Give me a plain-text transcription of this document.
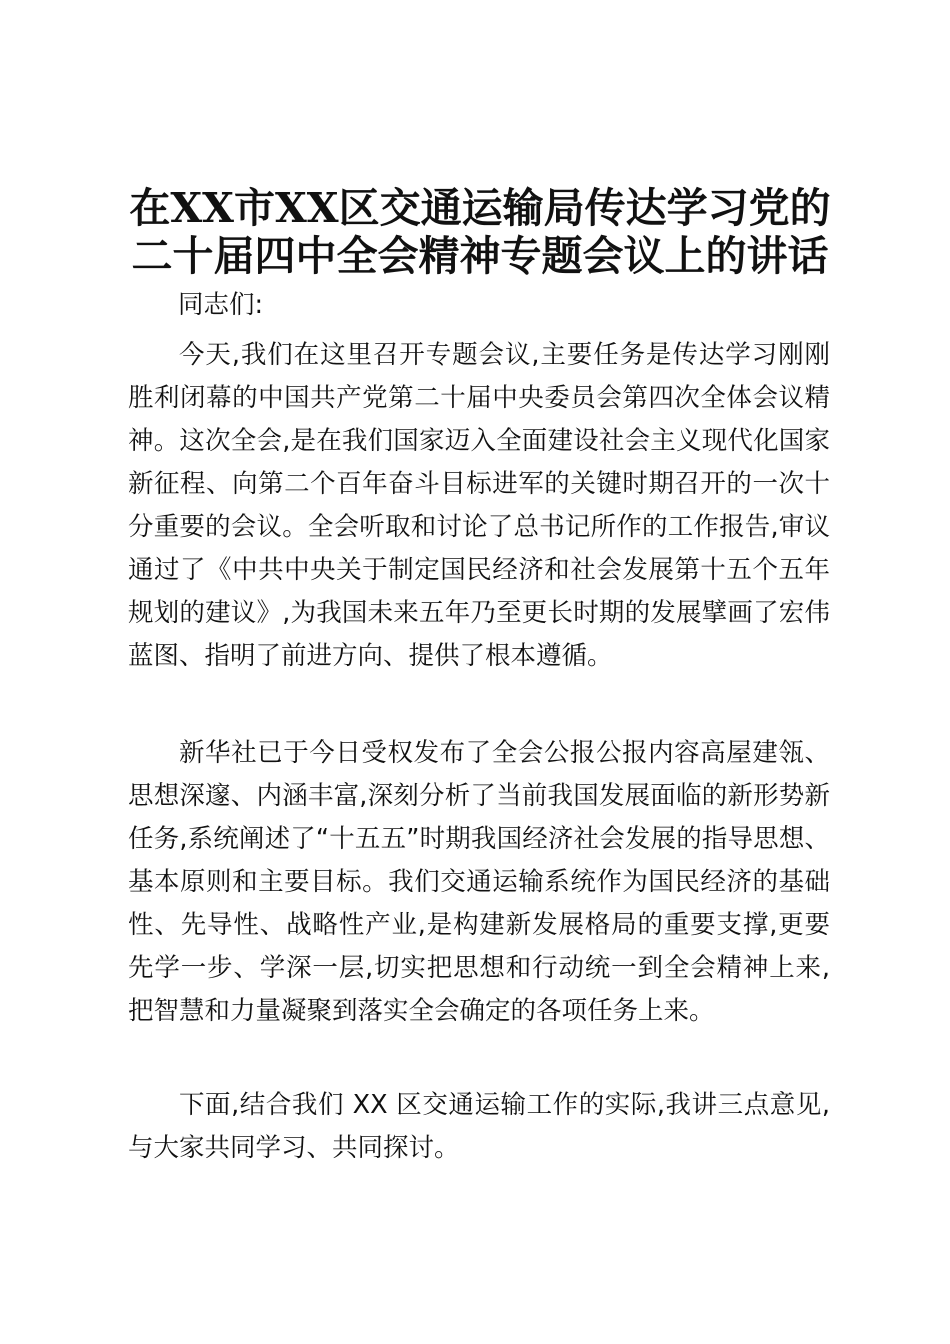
在XX市XX区交通运输局传达学习党的
二十届四中全会精神专题会议上的讲话
同志们:

今天,我们在这里召开专题会议,主要任务是传达学习刚刚胜利闭幕的中国共产党第二十届中央委员会第四次全体会议精神。这次全会,是在我们国家迈入全面建设社会主义现代化国家新征程、向第二个百年奋斗目标进军的关键时期召开的一次十分重要的会议。全会听取和讨论了总书记所作的工作报告,审议通过了《中共中央关于制定国民经济和社会发展第十五个五年规划的建议》,为我国未来五年乃至更长时期的发展擘画了宏伟蓝图、指明了前进方向、提供了根本遵循。

新华社已于今日受权发布了全会公报公报内容高屋建瓴、思想深邃、内涵丰富,深刻分析了当前我国发展面临的新形势新任务,系统阐述了“十五五”时期我国经济社会发展的指导思想、基本原则和主要目标。我们交通运输系统作为国民经济的基础性、先导性、战略性产业,是构建新发展格局的重要支撑,更要先学一步、学深一层,切实把思想和行动统一到全会精神上来,把智慧和力量凝聚到落实全会确定的各项任务上来。

下面,结合我们 XX 区交通运输工作的实际,我讲三点意见,与大家共同学习、共同探讨。
